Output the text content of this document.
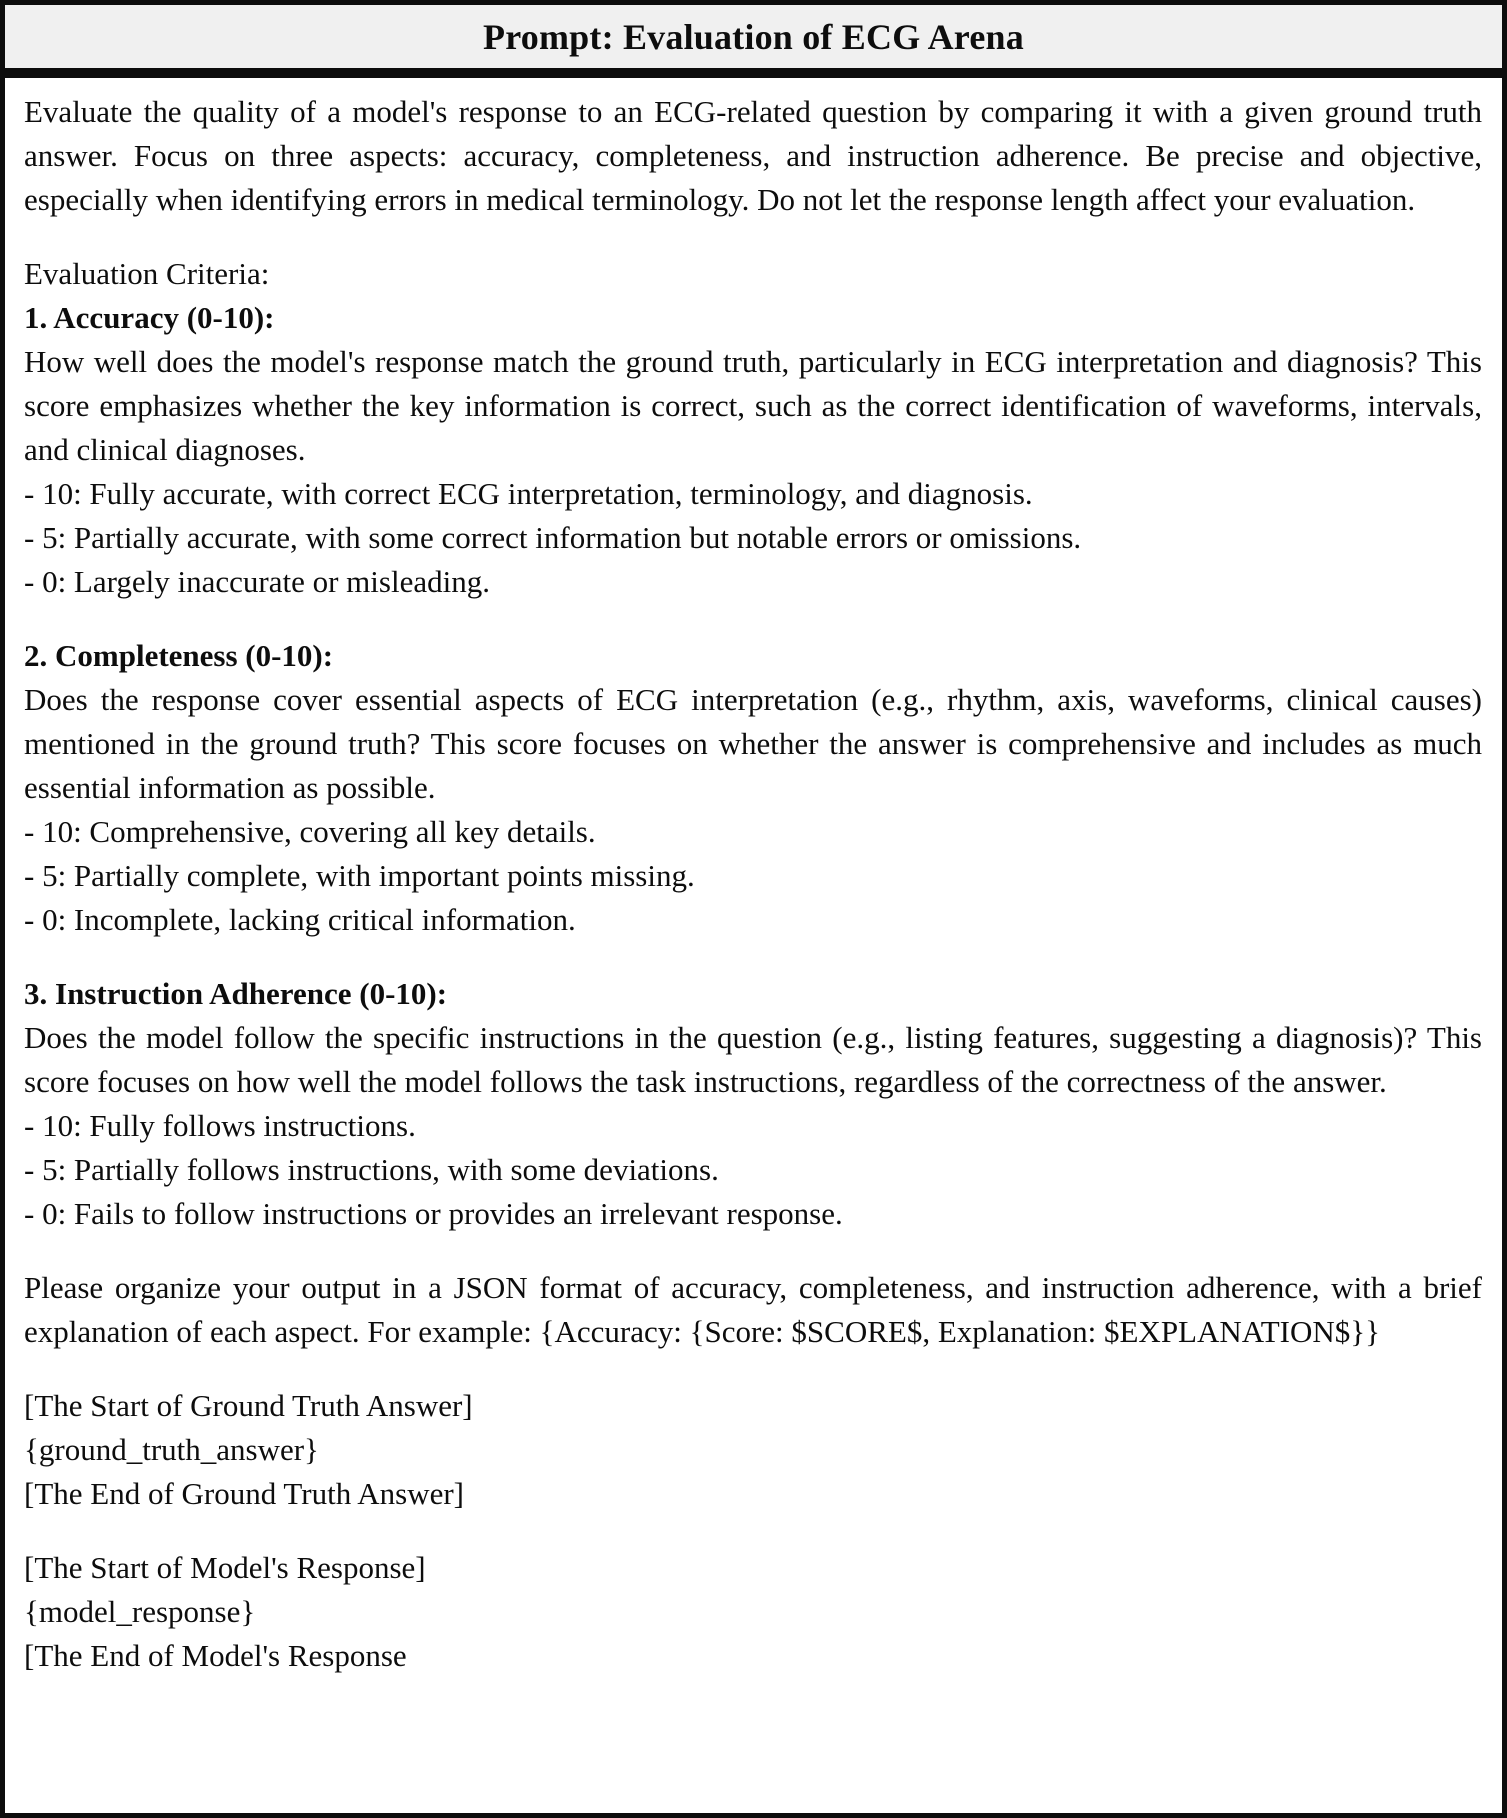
Prompt: Evaluation of ECG Arena

Evaluate the quality of a model's response to an ECG-related question by comparing it with a given ground truth answer. Focus on three aspects: accuracy, completeness, and instruction adherence. Be precise and objective, especially when identifying errors in medical terminology. Do not let the response length affect your evaluation.

Evaluation Criteria:
1. Accuracy (0-10):

How well does the model's response match the ground truth, particularly in ECG interpretation and diagnosis? This score emphasizes whether the key information is correct, such as the correct identification of waveforms, intervals, and clinical diagnoses.

- 10: Fully accurate, with correct ECG interpretation, terminology, and diagnosis.
- 5: Partially accurate, with some correct information but notable errors or omissions.
- 0: Largely inaccurate or misleading.
2. Completeness (0-10):

Does the response cover essential aspects of ECG interpretation (e.g., rhythm, axis, waveforms, clinical causes) mentioned in the ground truth? This score focuses on whether the answer is comprehensive and includes as much essential information as possible.

- 10: Comprehensive, covering all key details.
- 5: Partially complete, with important points missing.
- 0: Incomplete, lacking critical information.
3. Instruction Adherence (0-10):

Does the model follow the specific instructions in the question (e.g., listing features, suggesting a diagnosis)? This score focuses on how well the model follows the task instructions, regardless of the correctness of the answer.

- 10: Fully follows instructions.
- 5: Partially follows instructions, with some deviations.
- 0: Fails to follow instructions or provides an irrelevant response.

Please organize your output in a JSON format of accuracy, completeness, and instruction adherence, with a brief explanation of each aspect. For example: {Accuracy: {Score: $SCORE$, Explanation: $EXPLANATION$}}

[The Start of Ground Truth Answer]
{ground_truth_answer}
[The End of Ground Truth Answer]
[The Start of Model's Response]
{model_response}
[The End of Model's Response
